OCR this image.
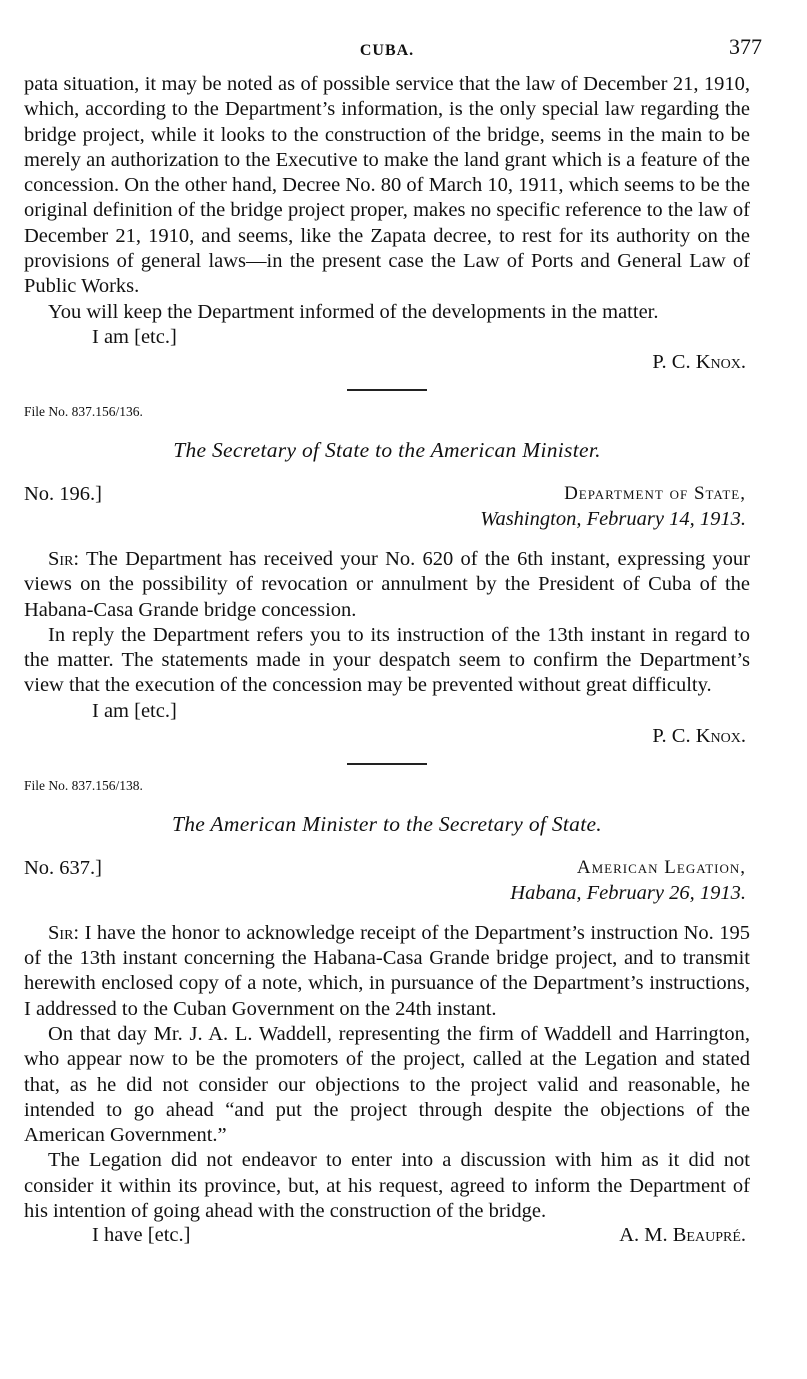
CUBA.	377

pata situation, it may be noted as of possible service that the law of December 21, 1910, which, according to the Department’s information, is the only special law regarding the bridge project, while it looks to the construction of the bridge, seems in the main to be merely an authorization to the Executive to make the land grant which is a feature of the concession. On the other hand, Decree No. 80 of March 10, 1911, which seems to be the original definition of the bridge project proper, makes no specific reference to the law of December 21, 1910, and seems, like the Zapata decree, to rest for its authority on the provisions of general laws—in the present case the Law of Ports and General Law of Public Works.

You will keep the Department informed of the developments in the matter.

I am [etc.]
P. C. Knox.
File No. 837.156/136.
The Secretary of State to the American Minister.
No. 196.]	Department of State,
Washington, February 14, 1913.

Sir: The Department has received your No. 620 of the 6th instant, expressing your views on the possibility of revocation or annulment by the President of Cuba of the Habana-Casa Grande bridge concession.

In reply the Department refers you to its instruction of the 13th instant in regard to the matter. The statements made in your despatch seem to confirm the Department’s view that the execution of the concession may be prevented without great difficulty.

I am [etc.]
P. C. Knox.
File No. 837.156/138.
The American Minister to the Secretary of State.
No. 637.]	American Legation,
Habana, February 26, 1913.

Sir: I have the honor to acknowledge receipt of the Department’s instruction No. 195 of the 13th instant concerning the Habana-Casa Grande bridge project, and to transmit herewith enclosed copy of a note, which, in pursuance of the Department’s instructions, I addressed to the Cuban Government on the 24th instant.

On that day Mr. J. A. L. Waddell, representing the firm of Waddell and Harrington, who appear now to be the promoters of the project, called at the Legation and stated that, as he did not consider our objections to the project valid and reasonable, he intended to go ahead “and put the project through despite the objections of the American Government.”

The Legation did not endeavor to enter into a discussion with him as it did not consider it within its province, but, at his request, agreed to inform the Department of his intention of going ahead with the construction of the bridge.

I have [etc.]	A. M. Beaupré.
